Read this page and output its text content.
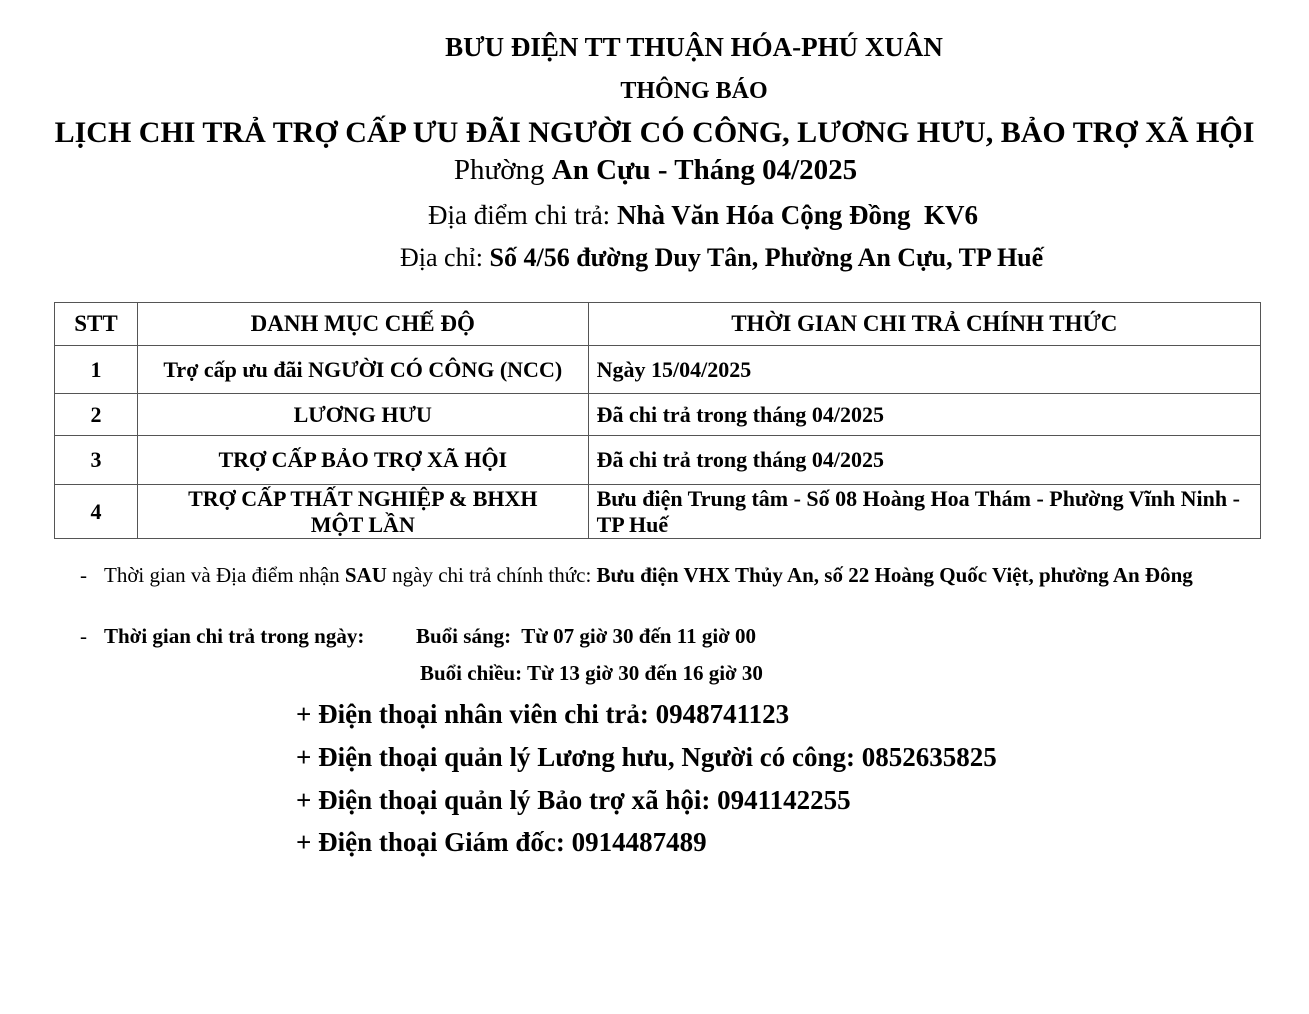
BƯU ĐIỆN TT THUẬN HÓA-PHÚ XUÂN
THÔNG BÁO
LỊCH CHI TRẢ TRỢ CẤP ƯU ĐÃI NGƯỜI CÓ CÔNG, LƯƠNG HƯU, BẢO TRỢ XÃ HỘI
Phường An Cựu - Tháng 04/2025
Địa điểm chi trả: Nhà Văn Hóa Cộng Đồng  KV6
Địa chỉ: Số 4/56 đường Duy Tân, Phường An Cựu, TP Huế
STT	DANH MỤC CHẾ ĐỘ	THỜI GIAN CHI TRẢ CHÍNH THỨC
1	Trợ cấp ưu đãi NGƯỜI CÓ CÔNG (NCC)	Ngày 15/04/2025
2	LƯƠNG HƯU	Đã chi trả trong tháng 04/2025
3	TRỢ CẤP BẢO TRỢ XÃ HỘI	Đã chi trả trong tháng 04/2025
4	TRỢ CẤP THẤT NGHIỆP & BHXH MỘT LẦN	Bưu điện Trung tâm - Số 08 Hoàng Hoa Thám - Phường Vĩnh Ninh - TP Huế
- Thời gian và Địa điểm nhận SAU ngày chi trả chính thức: Bưu điện VHX Thủy An, số 22 Hoàng Quốc Việt, phường An Đông
- Thời gian chi trả trong ngày: Buổi sáng:  Từ 07 giờ 30 đến 11 giờ 00
Buổi chiều: Từ 13 giờ 30 đến 16 giờ 30
+ Điện thoại nhân viên chi trả: 0948741123
+ Điện thoại quản lý Lương hưu, Người có công: 0852635825
+ Điện thoại quản lý Bảo trợ xã hội: 0941142255
+ Điện thoại Giám đốc: 0914487489
